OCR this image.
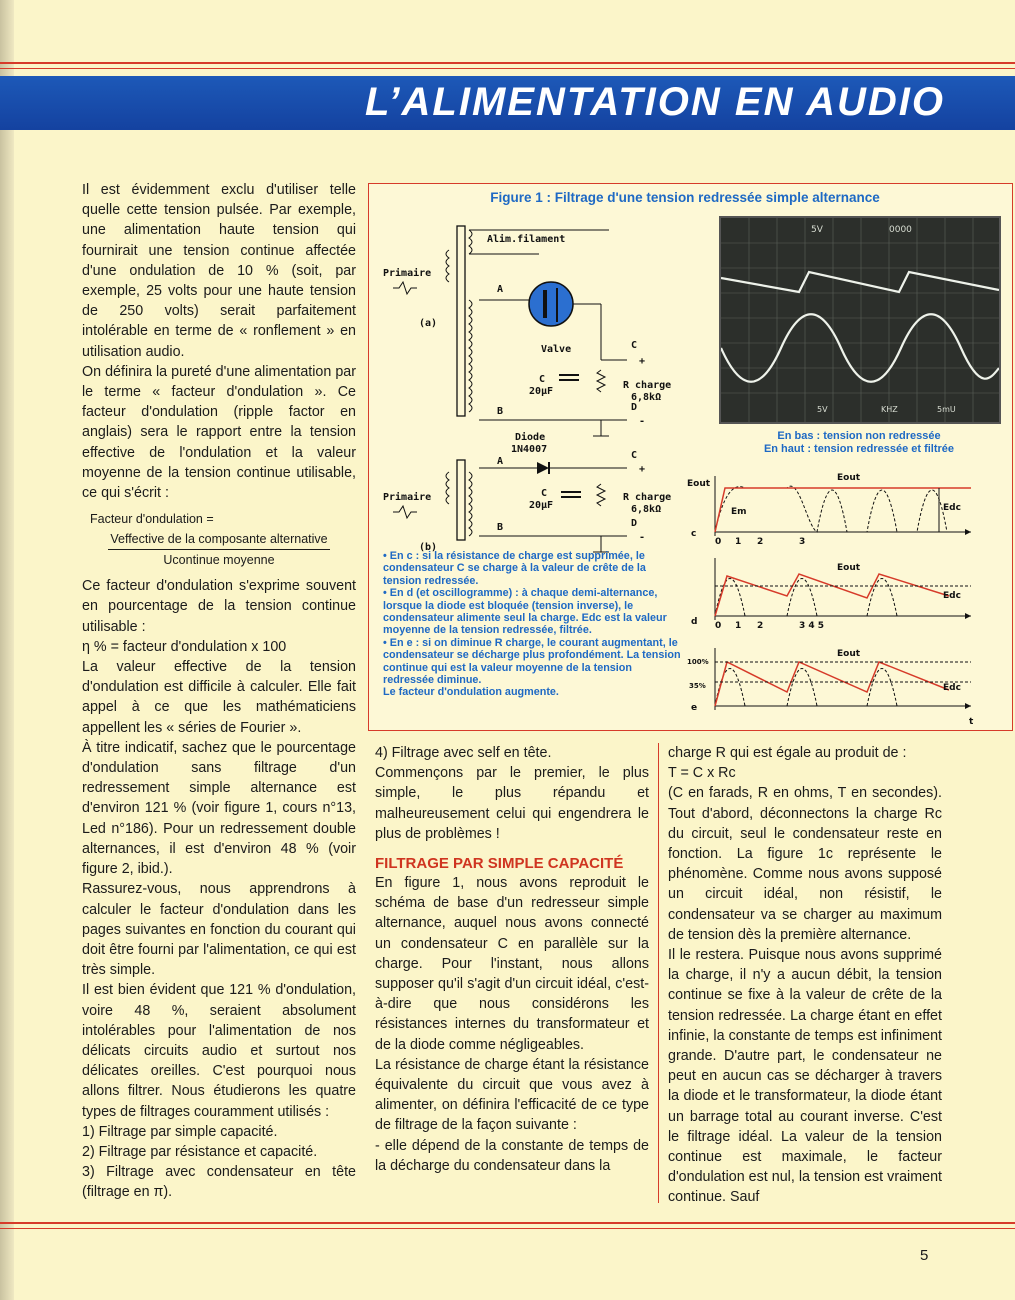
L’ALIMENTATION EN AUDIO

Il est évidemment exclu d'utiliser telle quelle cette tension pulsée. Par exemple, une alimentation haute tension qui fournirait une tension continue affectée d'une ondulation de 10 % (soit, par exemple, 25 volts pour une haute tension de 250 volts) serait parfaitement intolérable en terme de « ronflement » en utilisation audio.

On définira la pureté d'une alimentation par le terme « facteur d'ondulation ». Ce facteur d'ondulation (ripple factor en anglais) sera le rapport entre la tension effective de l'ondulation et la valeur moyenne de la tension continue utilisable, ce qui s'écrit :

Facteur d'ondulation =
Veffective de la composante alternative
Ucontinue moyenne

Ce facteur d'ondulation s'exprime souvent en pourcentage de la tension continue utilisable :

η % = facteur d'ondulation x 100

La valeur effective de la tension d'ondulation est difficile à calculer. Elle fait appel à ce que les mathématiciens appellent les « séries de Fourier ».

À titre indicatif, sachez que le pourcentage d'ondulation sans filtrage d'un redressement simple alternance est d'environ 121 % (voir figure 1, cours n°13, Led n°186). Pour un redressement double alternances, il est d'environ 48 % (voir figure 2, ibid.).

Rassurez-vous, nous apprendrons à calculer le facteur d'ondulation dans les pages suivantes en fonction du courant qui doit être fourni par l'alimentation, ce qui est très simple.

Il est bien évident que 121 % d'ondulation, voire 48 %, seraient absolument intolérables pour l'alimentation de nos délicats circuits audio et surtout nos délicates oreilles. C'est pourquoi nous allons filtrer. Nous étudierons les quatre types de filtrages couramment utilisés :

1) Filtrage par simple capacité.

2) Filtrage par résistance et capacité.

3) Filtrage avec condensateur en tête (filtrage en π).

Figure 1 : Filtrage d'une tension redressée simple alternance
Alim.filament
Primaire
(a)
A
Valve	C
+
C
20µF
R charge
6,8kΩ
B	D
-
Diode
1N4007
Primaire
(b)
A
C
+
C
20µF
R charge
6,8kΩ
B	D
-
• En c : si la résistance de charge est supprimée, le condensateur C se charge à la valeur de crête de la tension redressée.
• En d (et oscillogramme) : à chaque demi-alternance, lorsque la diode est bloquée (tension inverse), le condensateur alimente seul la charge. Edc est la valeur moyenne de la tension redressée, filtrée.
• En e : si on diminue R charge, le courant augmentant, le condensateur se décharge plus profondément. La tension continue qui est la valeur moyenne de la tension redressée diminue.
Le facteur d'ondulation augmente.
5V	0000
5V	KHZ	5mU
En bas : tension non redressée
En haut : tension redressée et filtrée
Eout
c
Em
Eout
Edc
0 1 2	3
d
Eout
Edc
0 1 2	3 4 5
100%
35%
e
Eout
Edc
t

4) Filtrage avec self en tête.

Commençons par le premier, le plus simple, le plus répandu et malheureusement celui qui engendrera le plus de problèmes !

FILTRAGE PAR SIMPLE CAPACITÉ

En figure 1, nous avons reproduit le schéma de base d'un redresseur simple alternance, auquel nous avons connecté un condensateur C en parallèle sur la charge. Pour l'instant, nous allons supposer qu'il s'agit d'un circuit idéal, c'est-à-dire que nous considérons les résistances internes du transformateur et de la diode comme négligeables.

La résistance de charge étant la résistance équivalente du circuit que vous avez à alimenter, on définira l'efficacité de ce type de filtrage de la façon suivante :

- elle dépend de la constante de temps de la décharge du condensateur dans la

charge R qui est égale au produit de :

T = C x Rc

(C en farads, R en ohms, T en secondes). Tout d'abord, déconnectons la charge Rc du circuit, seul le condensateur reste en fonction. La figure 1c représente le phénomène. Comme nous avons supposé un circuit idéal, non résistif, le condensateur va se charger au maximum de tension dès la première alternance.

Il le restera. Puisque nous avons supprimé la charge, il n'y a aucun débit, la tension continue se fixe à la valeur de crête de la tension redressée. La charge étant en effet infinie, la constante de temps est infiniment grande. D'autre part, le condensateur ne peut en aucun cas se décharger à travers la diode et le transformateur, la diode étant un barrage total au courant inverse. C'est le filtrage idéal. La valeur de la tension continue est maximale, le facteur d'ondulation est nul, la tension est vraiment continue. Sauf

5
